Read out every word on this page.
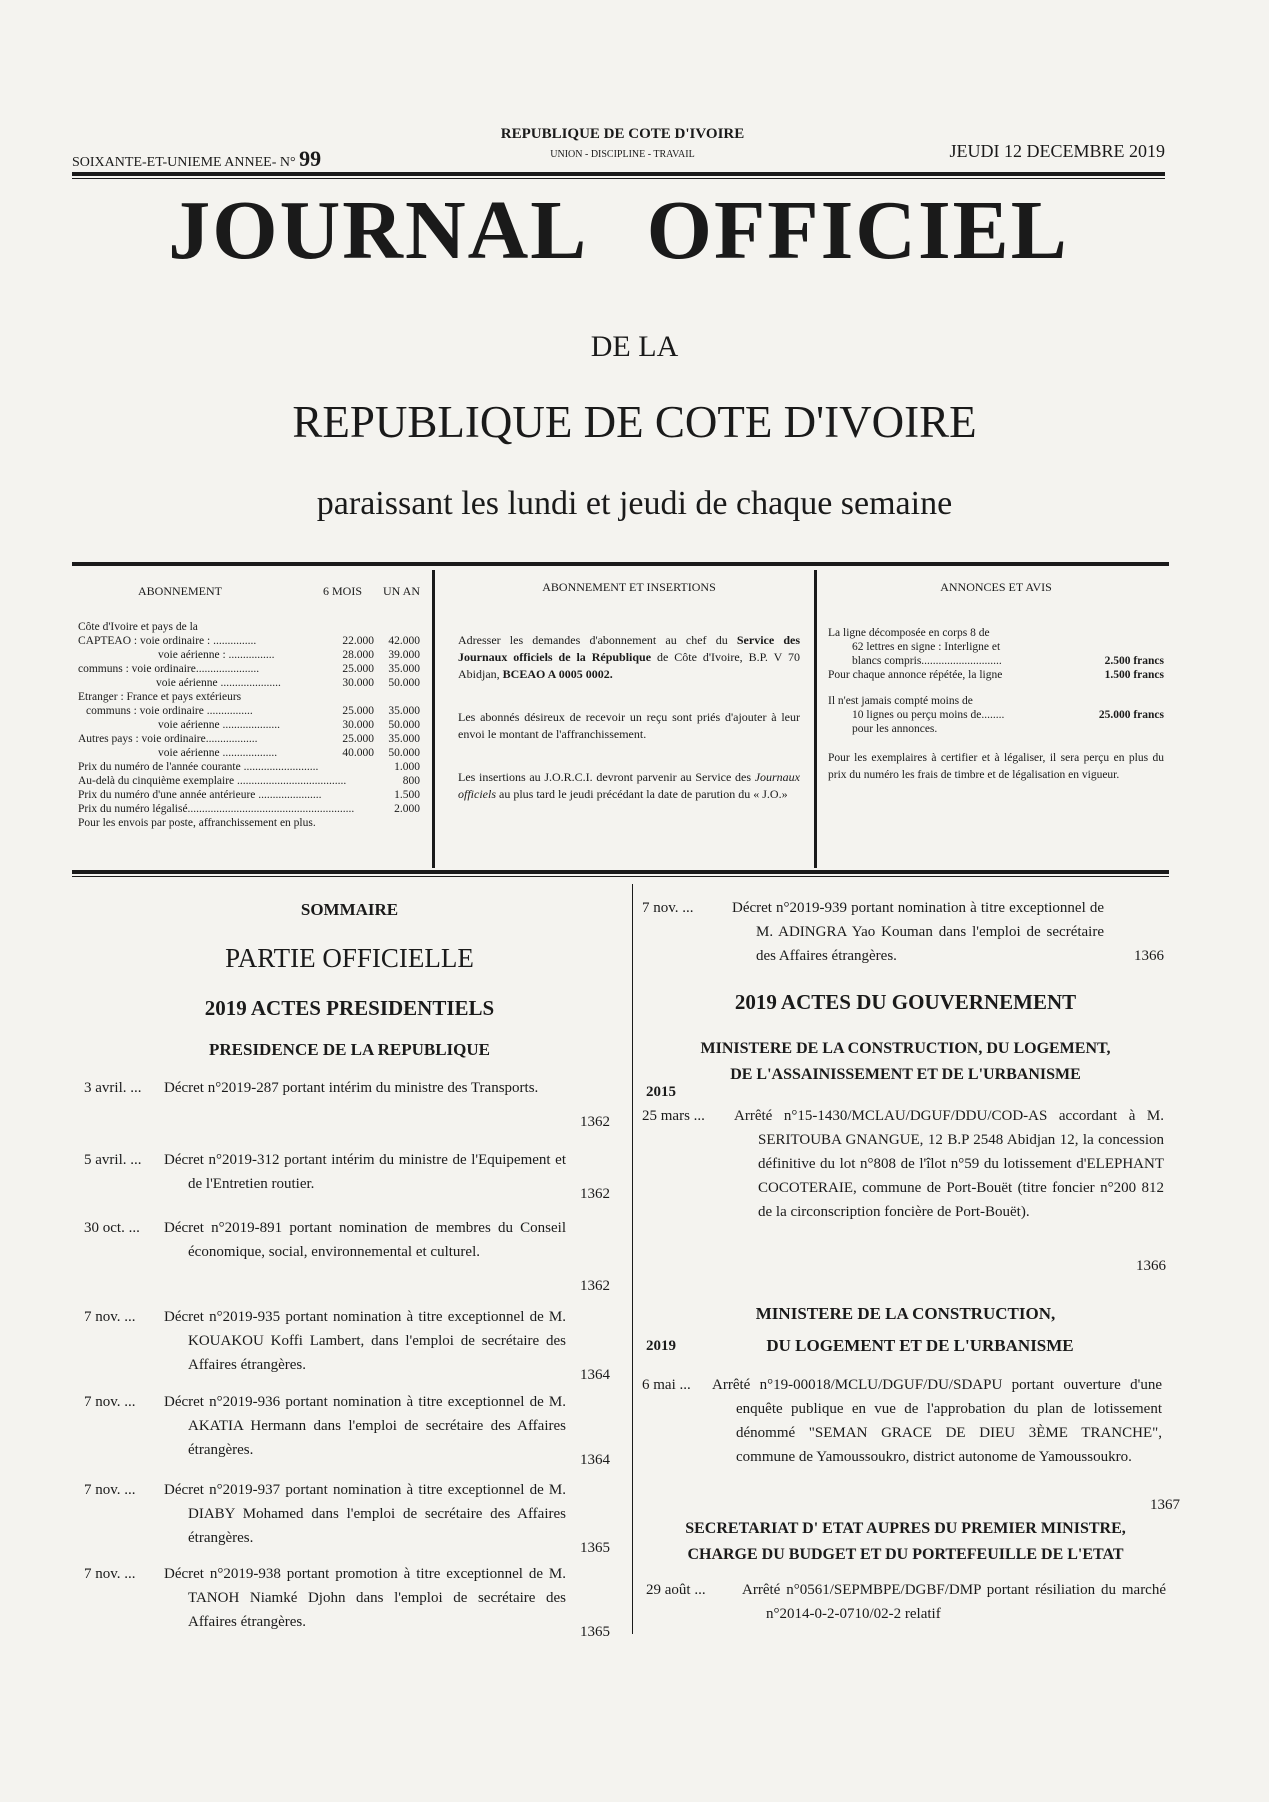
SOIXANTE-ET-UNIEME ANNEE- N° 99
REPUBLIQUE DE COTE D'IVOIRE
UNION - DISCIPLINE - TRAVAIL	JEUDI 12 DECEMBRE 2019
JOURNAL OFFICIEL
DE LA
REPUBLIQUE DE COTE D'IVOIRE
paraissant les lundi et jeudi de chaque semaine
ABONNEMENT	6 MOIS	UN AN
Côte d'Ivoire et pays de la
CAPTEAO : voie ordinaire : ...............	22.000	42.000
voie aérienne : ................	28.000	39.000
communs : voie ordinaire......................	25.000	35.000
voie aérienne .....................	30.000	50.000
Etranger : France et pays extérieurs
communs : voie ordinaire ................	25.000	35.000
voie aérienne ....................	30.000	50.000
Autres pays : voie ordinaire..................	25.000	35.000
voie aérienne ...................	40.000	50.000
Prix du numéro de l'année courante ..........................	1.000
Au-delà du cinquième exemplaire ......................................	800
Prix du numéro d'une année antérieure ......................	1.500
Prix du numéro légalisé..........................................................	2.000
Pour les envois par poste, affranchissement en plus.
ABONNEMENT ET INSERTIONS

Adresser les demandes d'abonnement au chef du Service des Journaux officiels de la République de Côte d'Ivoire, B.P. V 70 Abidjan, BCEAO A 0005 0002.

Les abonnés désireux de recevoir un reçu sont priés d'ajouter à leur envoi le montant de l'affranchissement.

Les insertions au J.O.R.C.I. devront parvenir au Service des Journaux officiels au plus tard le jeudi précédant la date de parution du « J.O.»

ANNONCES ET AVIS
La ligne décomposée en corps 8 de
62 lettres en signe : Interligne et
blancs compris............................	2.500 francs
Pour chaque annonce répétée, la ligne	1.500 francs
Il n'est jamais compté moins de
10 lignes ou perçu moins de........	25.000 francs
pour les annonces.

Pour les exemplaires à certifier et à légaliser, il sera perçu en plus du prix du numéro les frais de timbre et de légalisation en vigueur.

SOMMAIRE
PARTIE OFFICIELLE
2019 ACTES PRESIDENTIELS
PRESIDENCE DE LA REPUBLIQUE
3 avril. ... Décret n°2019-287 portant intérim du ministre des Transports.
1362
5 avril. ... Décret n°2019-312 portant intérim du ministre de l'Equipement et de l'Entretien routier.
1362
30 oct. ... Décret n°2019-891 portant nomination de membres du Conseil économique, social, environnemental et culturel.
1362
7 nov. ... Décret n°2019-935 portant nomination à titre exceptionnel de M. KOUAKOU Koffi Lambert, dans l'emploi de secrétaire des Affaires étrangères.
1364
7 nov. ... Décret n°2019-936 portant nomination à titre exceptionnel de M. AKATIA Hermann dans l'emploi de secrétaire des Affaires étrangères.
1364
7 nov. ... Décret n°2019-937 portant nomination à titre exceptionnel de M. DIABY Mohamed dans l'emploi de secrétaire des Affaires étrangères.
1365
7 nov. ... Décret n°2019-938 portant promotion à titre exceptionnel de M. TANOH Niamké Djohn dans l'emploi de secrétaire des Affaires étrangères.
1365
7 nov. ...	Décret n°2019-939 portant nomination à titre exceptionnel de M. ADINGRA Yao Kouman dans l'emploi de secrétaire des Affaires étrangères.	1366
2019 ACTES DU GOUVERNEMENT
MINISTERE DE LA CONSTRUCTION, DU LOGEMENT,
DE L'ASSAINISSEMENT ET DE L'URBANISME
2015
25 mars ... Arrêté n°15-1430/MCLAU/DGUF/DDU/COD-AS accordant à M. SERITOUBA GNANGUE, 12 B.P 2548 Abidjan 12, la concession définitive du lot n°808 de l'îlot n°59 du lotissement d'ELEPHANT COCOTERAIE, commune de Port-Bouët (titre foncier n°200 812 de la circonscription foncière de Port-Bouët).
1366
MINISTERE DE LA CONSTRUCTION,
2019	DU LOGEMENT ET DE L'URBANISME
6 mai ... Arrêté n°19-00018/MCLU/DGUF/DU/SDAPU portant ouverture d'une enquête publique en vue de l'approbation du plan de lotissement dénommé "SEMAN GRACE DE DIEU 3ÈME TRANCHE", commune de Yamoussoukro, district autonome de Yamoussoukro.
1367
SECRETARIAT D' ETAT AUPRES DU PREMIER MINISTRE,
CHARGE DU BUDGET ET DU PORTEFEUILLE DE L'ETAT
29 août ... Arrêté n°0561/SEPMBPE/DGBF/DMP portant résiliation du marché n°2014-0-2-0710/02-2 relatif
